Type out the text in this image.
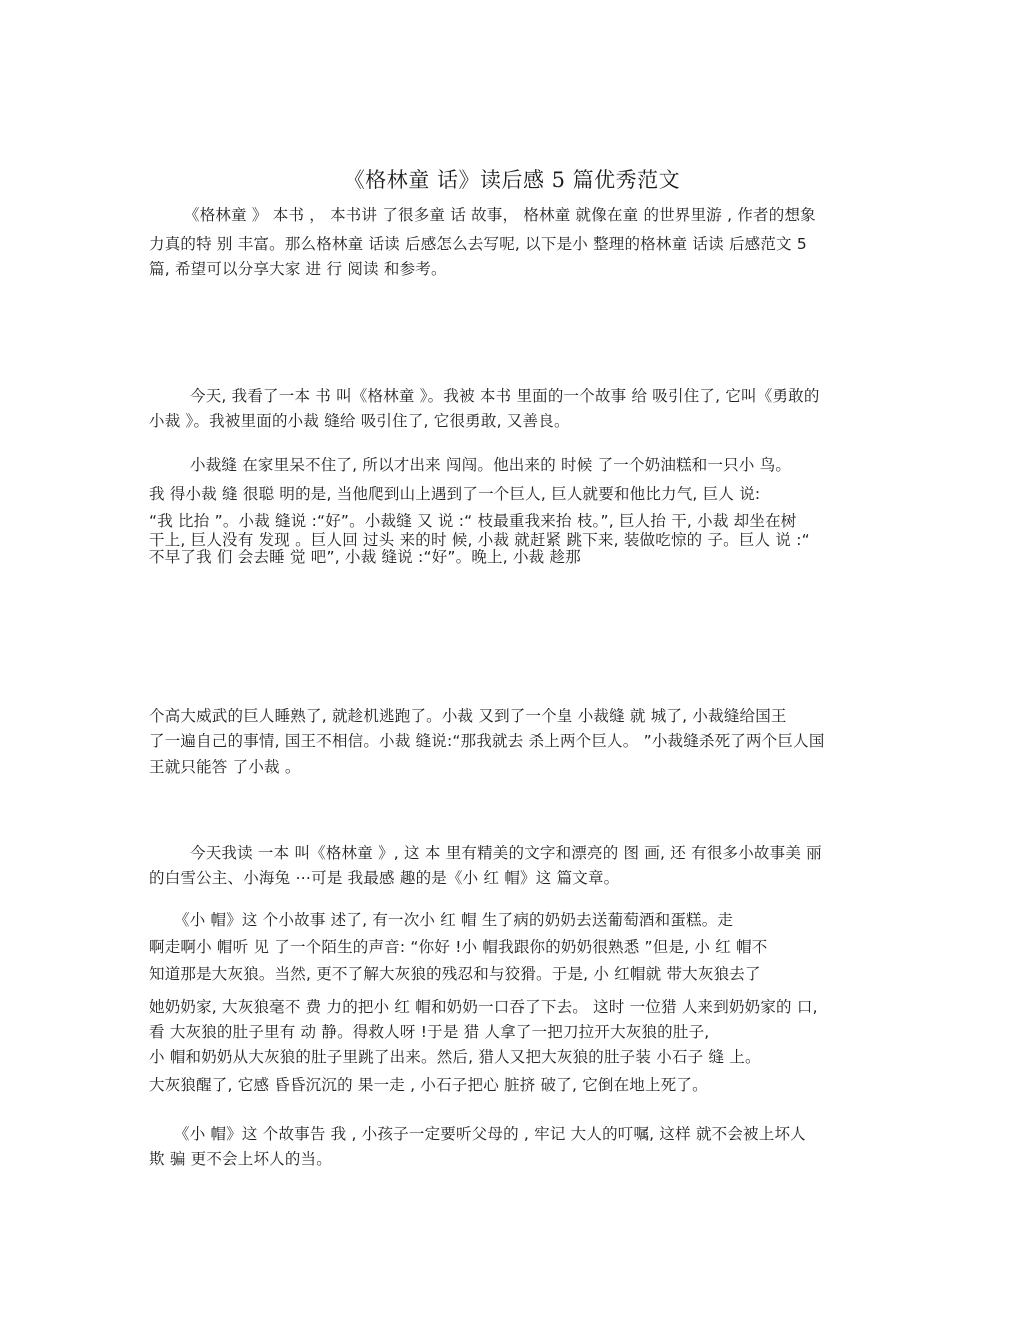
《格林童 话》读后感 5 篇优秀范文
《格林童 》 本书 ， 本书讲 了很多童 话 故事， 格林童 就像在童 的世界里游 , 作者的想象
力真的特 别 丰富。那么格林童 话读 后感怎么去写呢, 以下是小 整理的格林童 话读 后感范文 5
篇, 希望可以分享大家 进 行 阅读 和参考。
今天, 我看了一本 书 叫《格林童 》。我被 本书 里面的一个故事 给 吸引住了, 它叫《勇敢的
小裁 》。我被里面的小裁 缝给 吸引住了, 它很勇敢, 又善良。
小裁缝 在家里呆不住了, 所以才出来 闯闯。他出来的 时候 了一个奶油糕和一只小 鸟。
我 得小裁 缝 很聪 明的是, 当他爬到山上遇到了一个巨人, 巨人就要和他比力气, 巨人 说:
“我 比抬 ”。小裁 缝说 :“好”。小裁缝 又 说 :“ 枝最重我来抬 枝。”, 巨人抬 干, 小裁 却坐在树
干上, 巨人没有 发现 。巨人回 过头 来的时 候, 小裁 就赶紧 跳下来, 装做吃惊的 子。巨人 说 :“
不早了我 们 会去睡 觉 吧”, 小裁 缝说 :“好”。晚上, 小裁 趁那
个高大威武的巨人睡熟了, 就趁机逃跑了。小裁 又到了一个皇 小裁缝 就 城了, 小裁缝给国王
了一遍自己的事情, 国王不相信。小裁 缝说:“那我就去 杀上两个巨人。 ”小裁缝杀死了两个巨人国
王就只能答 了小裁 。
今天我读 一本 叫《格林童 》, 这 本 里有精美的文字和漂亮的 图 画, 还 有很多小故事美 丽
的白雪公主、小海兔 ⋯可是 我最感 趣的是《小 红 帽》这 篇文章。
《小 帽》这 个小故事 述了, 有一次小 红 帽 生了病的奶奶去送葡萄酒和蛋糕。走
啊走啊小 帽听 见 了一个陌生的声音: “你好 !小 帽我跟你的奶奶很熟悉 ”但是, 小 红 帽不
知道那是大灰狼。当然, 更不了解大灰狼的残忍和与狡猾。于是, 小 红帽就 带大灰狼去了
她奶奶家, 大灰狼毫不 费 力的把小 红 帽和奶奶一口吞了下去。 这时 一位猎 人来到奶奶家的 口,
看 大灰狼的肚子里有 动 静。得救人呀 !于是 猎 人拿了一把刀拉开大灰狼的肚子,
小 帽和奶奶从大灰狼的肚子里跳了出来。然后, 猎人又把大灰狼的肚子装 小石子 缝 上。
大灰狼醒了, 它感 昏昏沉沉的 果一走 , 小石子把心 脏挤 破了, 它倒在地上死了。
《小 帽》这 个故事告 我 , 小孩子一定要听父母的 , 牢记 大人的叮嘱, 这样 就不会被上坏人
欺 骗 更不会上坏人的当。
